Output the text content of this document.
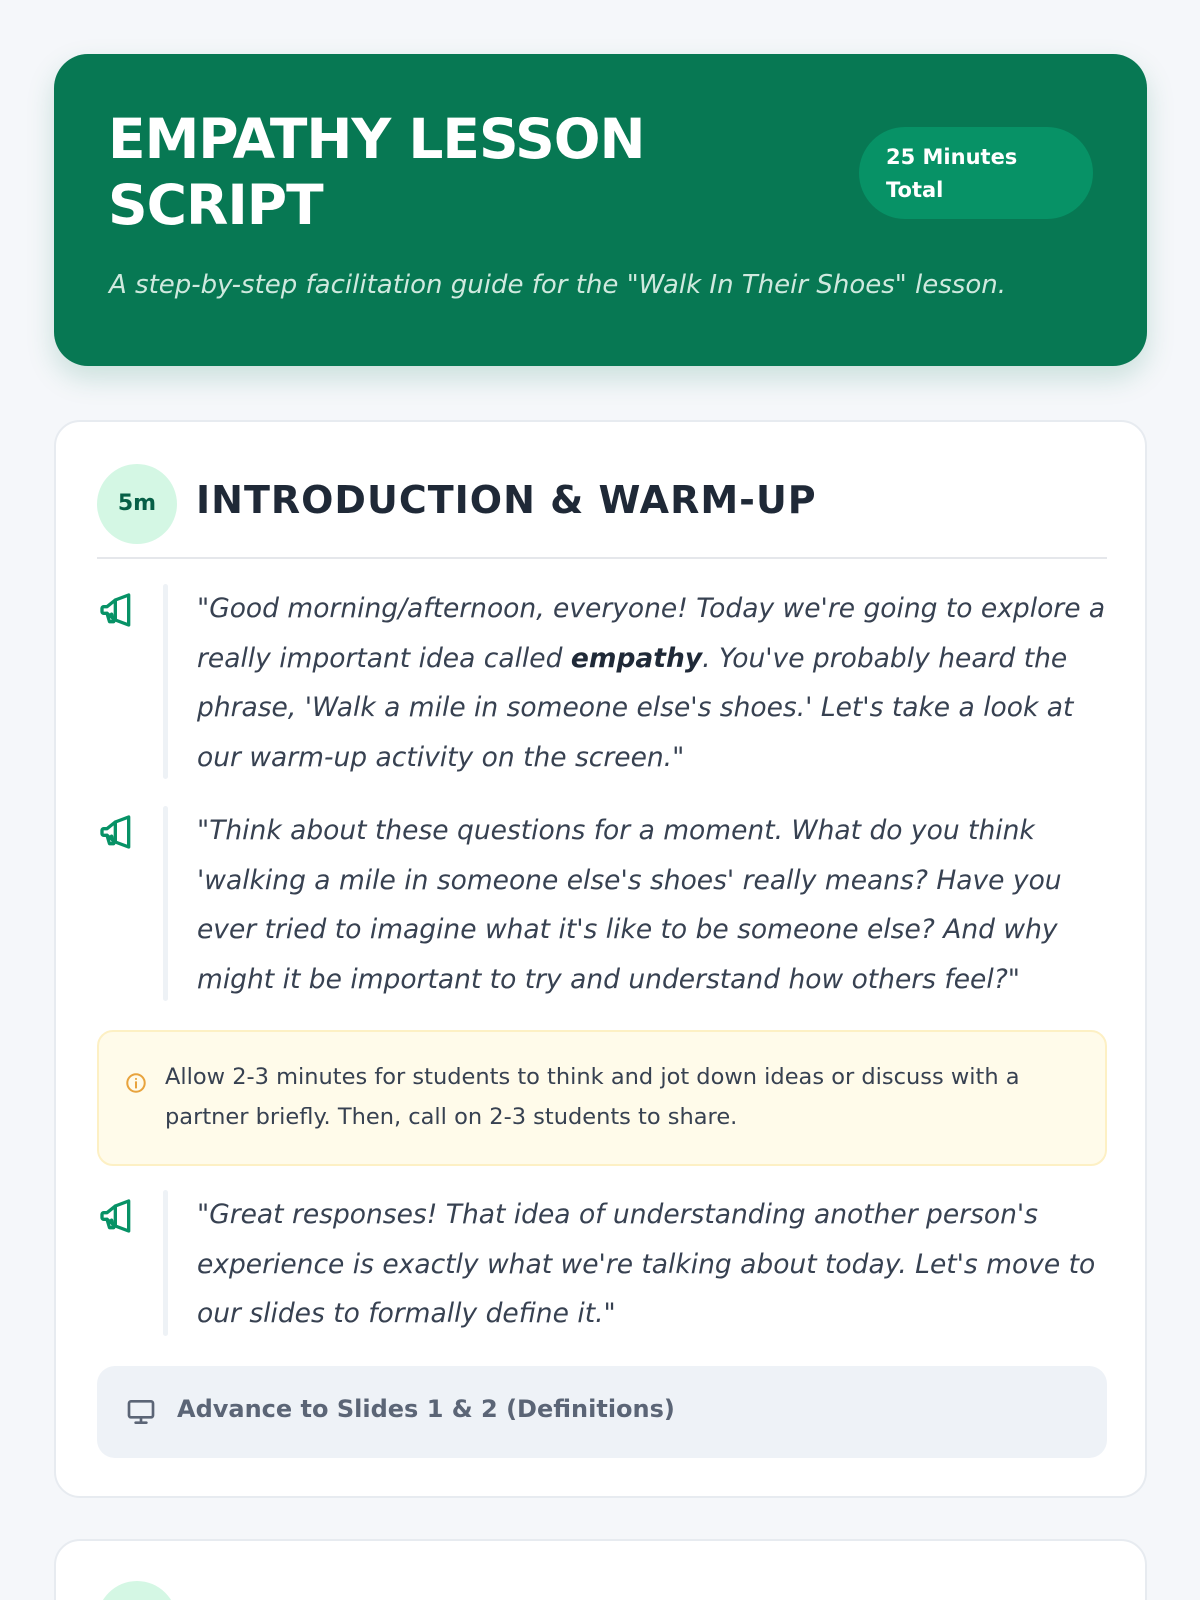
EMPATHY LESSON
SCRIPT
25 Minutes
Total
A step-by-step facilitation guide for the "Walk In Their Shoes" lesson.
5m	INTRODUCTION & WARM-UP
"Good morning/afternoon, everyone! Today we're going to explore a really important idea called empathy. You've probably heard the phrase, 'Walk a mile in someone else's shoes.' Let's take a look at our warm-up activity on the screen."
"Think about these questions for a moment. What do you think 'walking a mile in someone else's shoes' really means? Have you ever tried to imagine what it's like to be someone else? And why might it be important to try and understand how others feel?"
Allow 2-3 minutes for students to think and jot down ideas or discuss with a partner briefly. Then, call on 2-3 students to share.
"Great responses! That idea of understanding another person's experience is exactly what we're talking about today. Let's move to our slides to formally define it."
Advance to Slides 1 & 2 (Definitions)
